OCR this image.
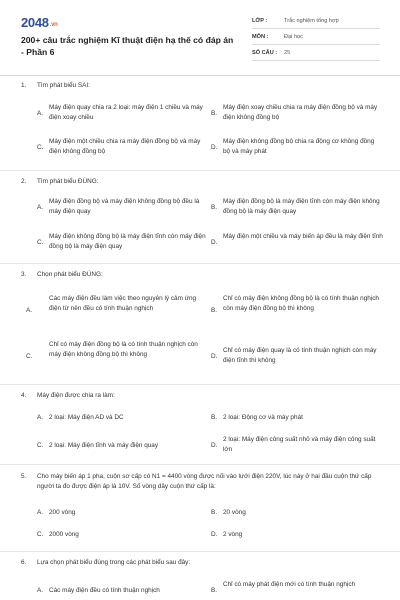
2048.vn
200+ câu trắc nghiệm Kĩ thuật điện hạ thế có đáp án - Phần 6
LỚP :	Trắc nghiệm tổng hợp
MÔN :	Đại học
SỐ CÂU : 25
1.	Tìm phát biểu SAI:
A.
Máy điện quay chia ra 2 loại: máy điện 1 chiều và máy điện xoay chiều
B.
Máy điện xoay chiều chia ra máy điện đồng bộ và máy điện không đồng bộ
C.
Máy điện một chiều chia ra máy điện đồng bộ và máy điện không đồng bộ
D.
Máy điện không đồng bộ chia ra động cơ không đồng bộ và máy phát
2.	Tìm phát biểu ĐÚNG:
A.
Máy điện đồng bộ và máy điện không đồng bộ đều là máy điện quay
B.
Máy điện đồng bộ là máy điện tĩnh còn máy điện không đồng bộ là máy điện quay
C.
Máy điện không đồng bộ là máy điện tĩnh còn máy điện đồng bộ là máy điện quay
D.
Máy điện một chiều và máy biến áp đều là máy điện tĩnh
3.	Chọn phát biểu ĐÚNG:
A.
Các máy điện đều làm việc theo nguyên lý cảm ứng điện từ nên đều có tính thuận nghịch	B.
Chỉ có máy điện không đồng bộ là có tính thuận nghịch còn máy điện đồng bộ thì không
C.
Chỉ có máy điện đồng bộ là có tính thuận nghịch còn máy điện không đồng bộ thì không	D.
Chỉ có máy điện quay là có tính thuận nghịch còn máy điện tĩnh thì không
4.	Máy điện được chia ra làm:
A. 2 loại: Máy điện AD và DC	B. 2 loại: Động cơ và máy phát
C. 2 loại: Máy điện tĩnh và máy điện quay	D.
2 loại: Máy điện công suất nhỏ và máy điện công suất lớn
5.	Cho máy biến áp 1 pha, cuộn sơ cấp có N1 = 4400 vòng được nối vào lưới điện 220V, lúc này ở hai đầu cuộn thứ cấp người ta đo được điện áp là 10V. Số vòng dây cuộn thứ cấp là:
A. 200 vòng	B. 20 vòng
C. 2000 vòng	D. 2 vòng
6.	Lựa chọn phát biểu đúng trong các phát biểu sau đây:
A. Các máy điện đều có tính thuận nghịch	B.
Chỉ có máy phát điện mới có tính thuận nghịch
